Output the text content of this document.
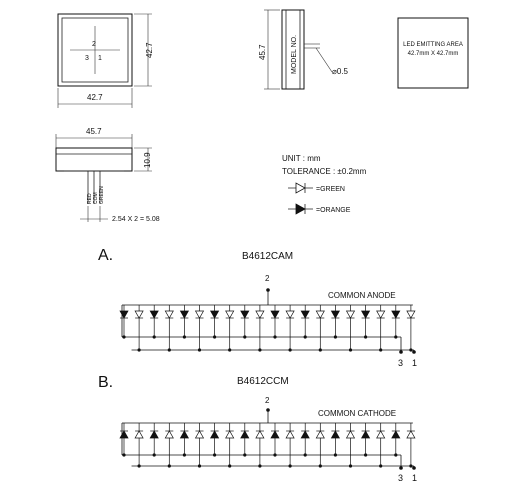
2
3 1
42.7
42.7
⌀0.5
MODEL NO.
45.7	LED EMITTING AREA
42.7mm X 42.7mm
45.7
10.9
RED COM GREEN
2.54 X 2 = 5.08
UNIT : mm
TOLERANCE : ±0.2mm
=GREEN
=ORANGE
A.	B4612CAM
COMMON ANODE
2
3 1
B.	B4612CCM
COMMON CATHODE
2
3 1
